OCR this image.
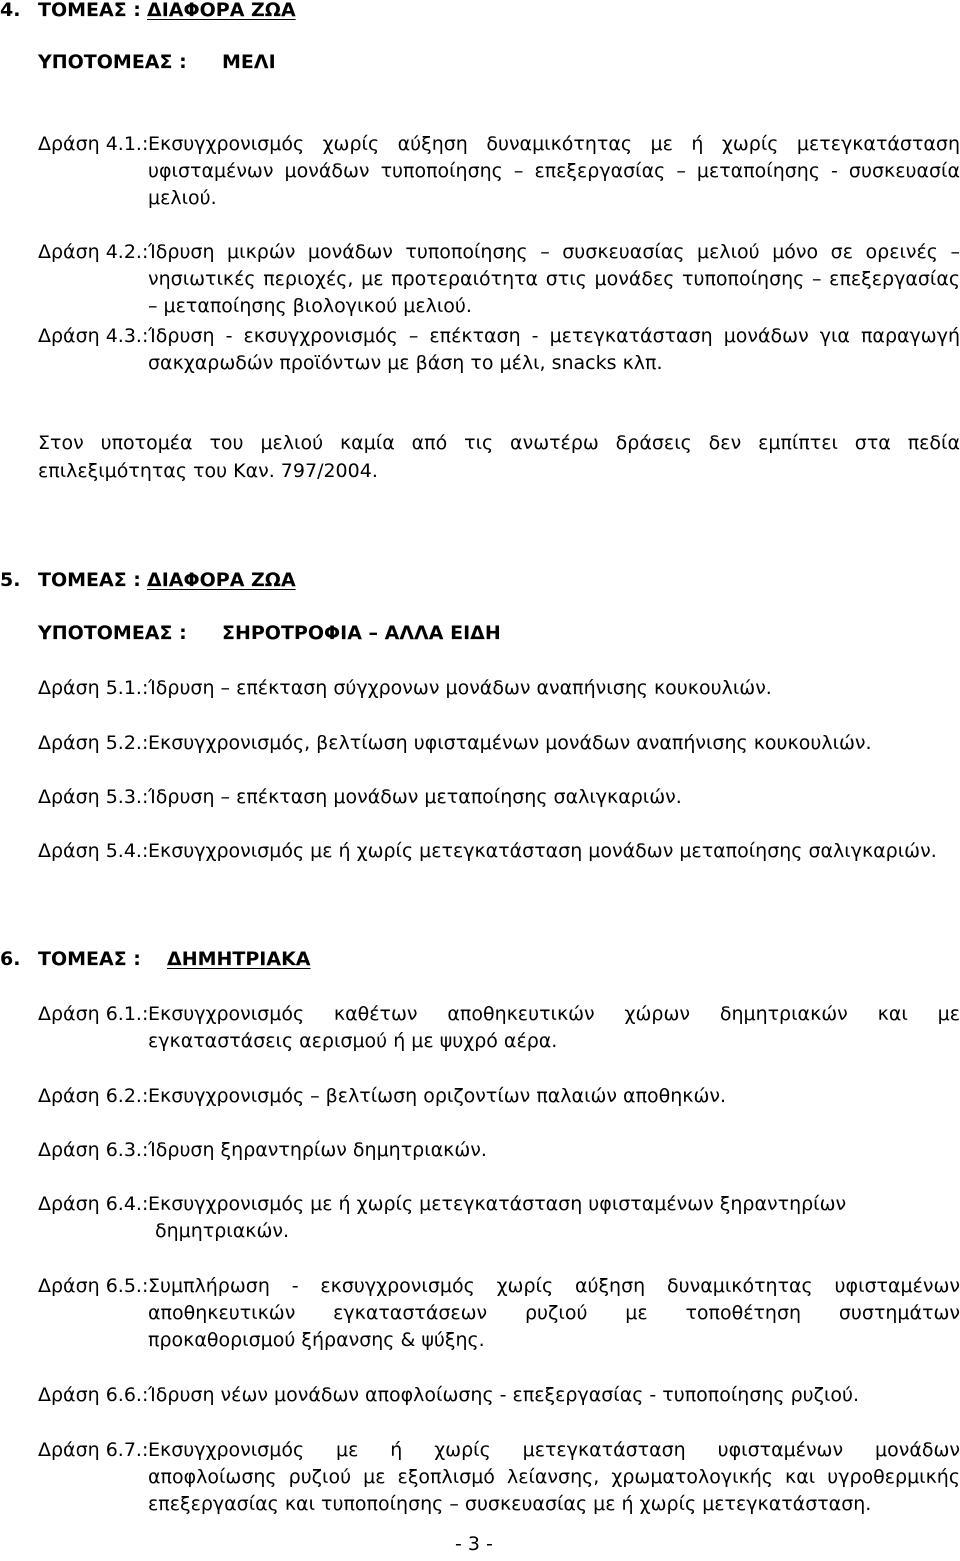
4. ΤΟΜΕΑΣ : ΔΙΑΦΟΡΑ ΖΩΑ
ΥΠΟΤΟΜΕΑΣ : ΜΕΛΙ
Δράση 4.1.: Εκσυγχρονισμός χωρίς αύξηση δυναμικότητας με ή χωρίς μετεγκατάσταση
υφισταμένων μονάδων τυποποίησης – επεξεργασίας – μεταποίησης - συσκευασία
μελιού.
Δράση 4.2.: Ίδρυση μικρών μονάδων τυποποίησης – συσκευασίας μελιού μόνο σε ορεινές –
νησιωτικές περιοχές, με προτεραιότητα στις μονάδες τυποποίησης – επεξεργασίας
– μεταποίησης βιολογικού μελιού.
Δράση 4.3.: Ίδρυση - εκσυγχρονισμός – επέκταση - μετεγκατάσταση μονάδων για παραγωγή
σακχαρωδών προϊόντων με βάση το μέλι, snacks κλπ.
Στον υποτομέα του μελιού καμία από τις ανωτέρω δράσεις δεν εμπίπτει στα πεδία
επιλεξιμότητας του Καν. 797/2004.
5. ΤΟΜΕΑΣ : ΔΙΑΦΟΡΑ ΖΩΑ
ΥΠΟΤΟΜΕΑΣ : ΣΗΡΟΤΡΟΦΙΑ – ΑΛΛΑ ΕΙΔΗ
Δράση 5.1.: Ίδρυση – επέκταση σύγχρονων μονάδων αναπήνισης κουκουλιών.
Δράση 5.2.: Εκσυγχρονισμός, βελτίωση υφισταμένων μονάδων αναπήνισης κουκουλιών.
Δράση 5.3.: Ίδρυση – επέκταση μονάδων μεταποίησης σαλιγκαριών.
Δράση 5.4.: Εκσυγχρονισμός με ή χωρίς μετεγκατάσταση μονάδων μεταποίησης σαλιγκαριών.
6. ΤΟΜΕΑΣ : ΔΗΜΗΤΡΙΑΚΑ
Δράση 6.1.: Εκσυγχρονισμός καθέτων αποθηκευτικών χώρων δημητριακών και με
εγκαταστάσεις αερισμού ή με ψυχρό αέρα.
Δράση 6.2.: Εκσυγχρονισμός – βελτίωση οριζοντίων παλαιών αποθηκών.
Δράση 6.3.: Ίδρυση ξηραντηρίων δημητριακών.
Δράση 6.4.: Εκσυγχρονισμός με ή χωρίς μετεγκατάσταση υφισταμένων ξηραντηρίων
δημητριακών.
Δράση 6.5.: Συμπλήρωση - εκσυγχρονισμός χωρίς αύξηση δυναμικότητας υφισταμένων
αποθηκευτικών εγκαταστάσεων ρυζιού με τοποθέτηση συστημάτων
προκαθορισμού ξήρανσης & ψύξης.
Δράση 6.6.: Ίδρυση νέων μονάδων αποφλοίωσης - επεξεργασίας - τυποποίησης ρυζιού.
Δράση 6.7.: Εκσυγχρονισμός με ή χωρίς μετεγκατάσταση υφισταμένων μονάδων
αποφλοίωσης ρυζιού με εξοπλισμό λείανσης, χρωματολογικής και υγροθερμικής
επεξεργασίας και τυποποίησης – συσκευασίας με ή χωρίς μετεγκατάσταση.
- 3 -
